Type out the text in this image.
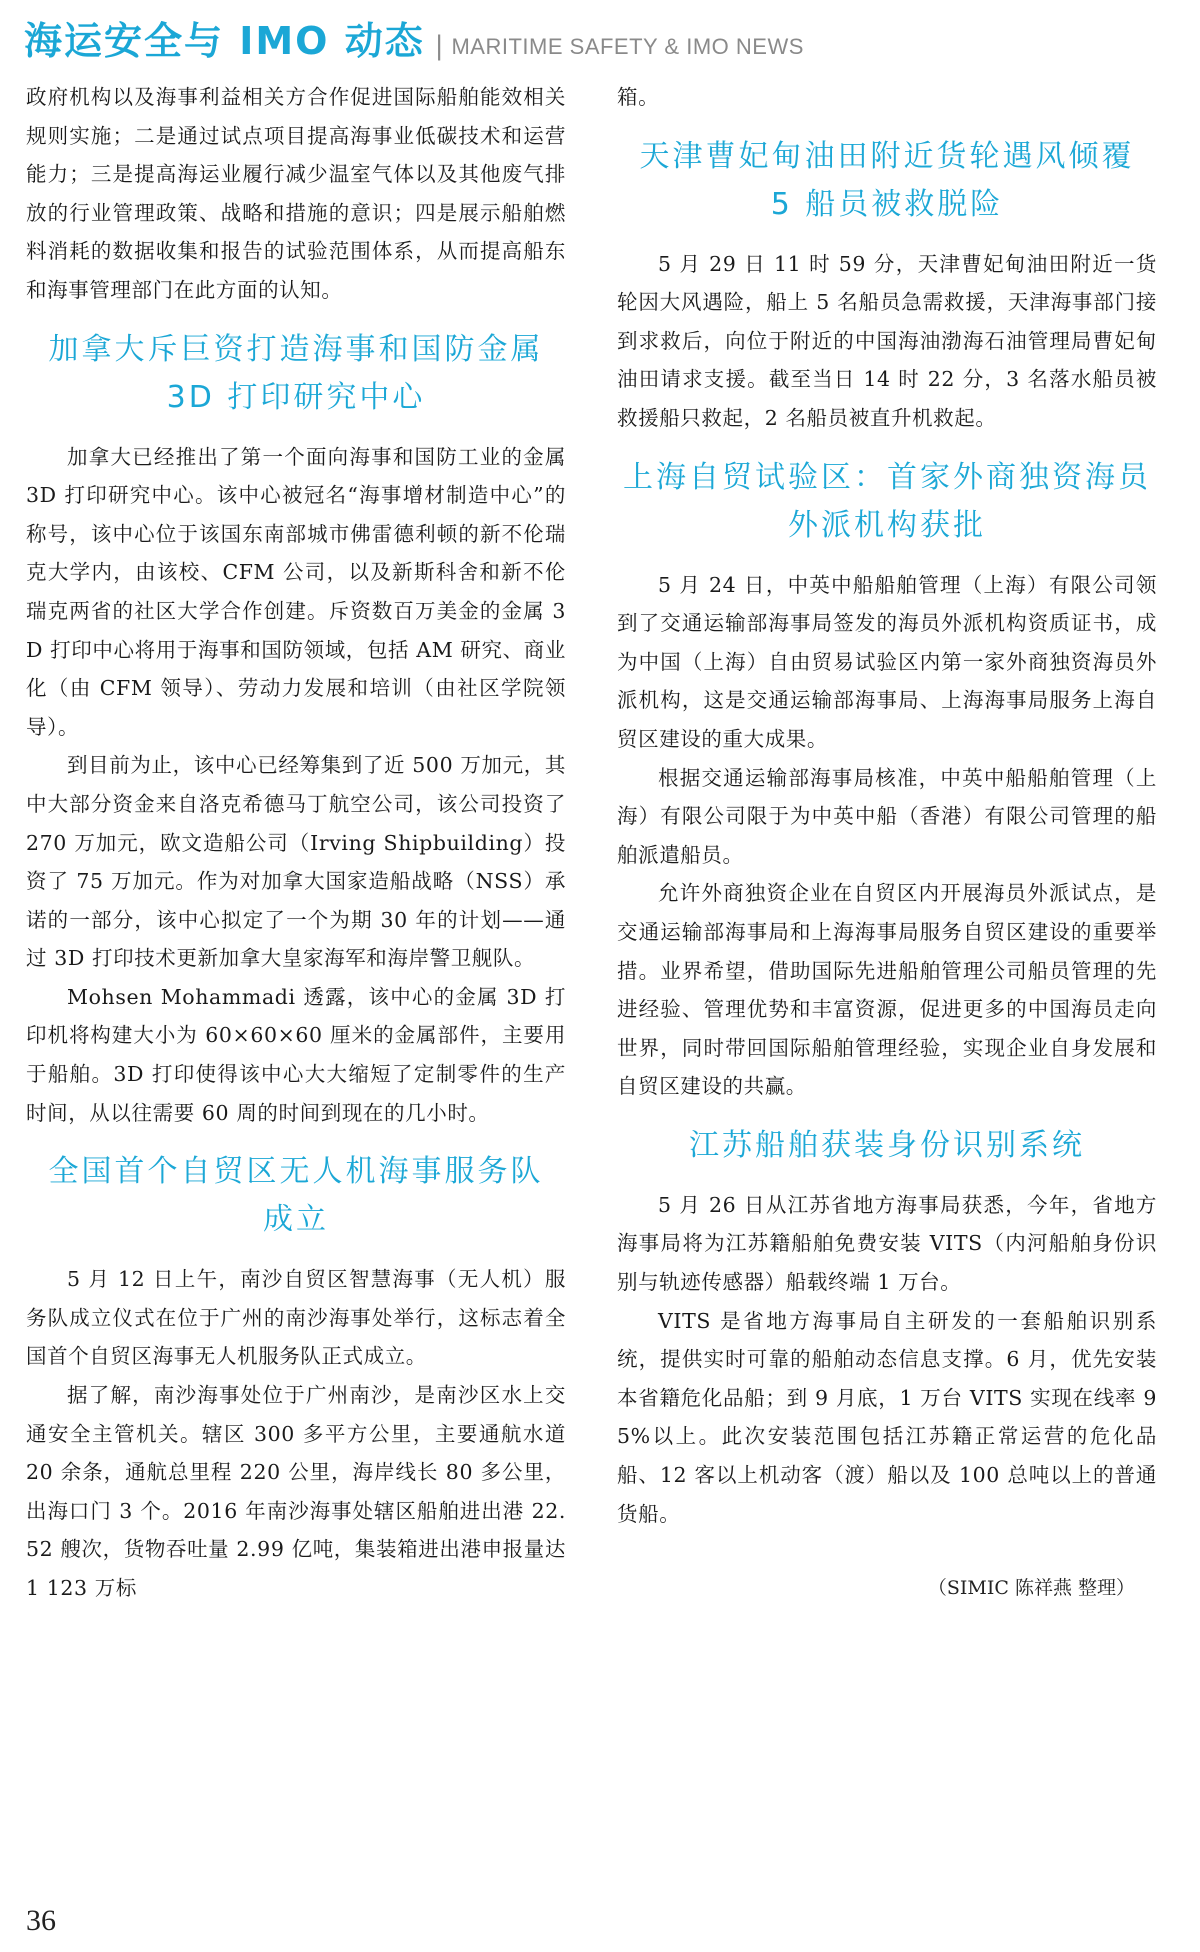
海运安全与 IMO 动态 | MARITIME SAFETY & IMO NEWS

政府机构以及海事利益相关方合作促进国际船舶能效相关规则实施；二是通过试点项目提高海事业低碳技术和运营能力；三是提高海运业履行减少温室气体以及其他废气排放的行业管理政策、战略和措施的意识；四是展示船舶燃料消耗的数据收集和报告的试验范围体系，从而提高船东和海事管理部门在此方面的认知。

加拿大斥巨资打造海事和国防金属
3D 打印研究中心

加拿大已经推出了第一个面向海事和国防工业的金属 3D 打印研究中心。该中心被冠名“海事增材制造中心”的称号，该中心位于该国东南部城市佛雷德利顿的新不伦瑞克大学内，由该校、CFM 公司，以及新斯科舍和新不伦瑞克两省的社区大学合作创建。斥资数百万美金的金属 3D 打印中心将用于海事和国防领域，包括 AM 研究、商业化（由 CFM 领导）、劳动力发展和培训（由社区学院领导）。

到目前为止，该中心已经筹集到了近 500 万加元，其中大部分资金来自洛克希德马丁航空公司，该公司投资了 270 万加元，欧文造船公司（Irving Shipbuilding）投资了 75 万加元。作为对加拿大国家造船战略（NSS）承诺的一部分，该中心拟定了一个为期 30 年的计划——通过 3D 打印技术更新加拿大皇家海军和海岸警卫舰队。

Mohsen Mohammadi 透露，该中心的金属 3D 打印机将构建大小为 60×60×60 厘米的金属部件，主要用于船舶。3D 打印使得该中心大大缩短了定制零件的生产时间，从以往需要 60 周的时间到现在的几小时。

全国首个自贸区无人机海事服务队
成立

5 月 12 日上午，南沙自贸区智慧海事（无人机）服务队成立仪式在位于广州的南沙海事处举行，这标志着全国首个自贸区海事无人机服务队正式成立。

据了解，南沙海事处位于广州南沙，是南沙区水上交通安全主管机关。辖区 300 多平方公里，主要通航水道 20 余条，通航总里程 220 公里，海岸线长 80 多公里，出海口门 3 个。2016 年南沙海事处辖区船舶进出港 22.52 艘次，货物吞吐量 2.99 亿吨，集装箱进出港申报量达 1 123 万标

箱。

天津曹妃甸油田附近货轮遇风倾覆
5 船员被救脱险

5 月 29 日 11 时 59 分，天津曹妃甸油田附近一货轮因大风遇险，船上 5 名船员急需救援，天津海事部门接到求救后，向位于附近的中国海油渤海石油管理局曹妃甸油田请求支援。截至当日 14 时 22 分，3 名落水船员被救援船只救起，2 名船员被直升机救起。

上海自贸试验区：首家外商独资海员
外派机构获批

5 月 24 日，中英中船船舶管理（上海）有限公司领到了交通运输部海事局签发的海员外派机构资质证书，成为中国（上海）自由贸易试验区内第一家外商独资海员外派机构，这是交通运输部海事局、上海海事局服务上海自贸区建设的重大成果。

根据交通运输部海事局核准，中英中船船舶管理（上海）有限公司限于为中英中船（香港）有限公司管理的船舶派遣船员。

允许外商独资企业在自贸区内开展海员外派试点，是交通运输部海事局和上海海事局服务自贸区建设的重要举措。业界希望，借助国际先进船舶管理公司船员管理的先进经验、管理优势和丰富资源，促进更多的中国海员走向世界，同时带回国际船舶管理经验，实现企业自身发展和自贸区建设的共赢。

江苏船舶获装身份识别系统

5 月 26 日从江苏省地方海事局获悉，今年，省地方海事局将为江苏籍船舶免费安装 VITS（内河船舶身份识别与轨迹传感器）船载终端 1 万台。

VITS 是省地方海事局自主研发的一套船舶识别系统，提供实时可靠的船舶动态信息支撑。6 月，优先安装本省籍危化品船；到 9 月底，1 万台 VITS 实现在线率 95%以上。此次安装范围包括江苏籍正常运营的危化品船、12 客以上机动客（渡）船以及 100 总吨以上的普通货船。

（SIMIC 陈祥燕 整理）
36
